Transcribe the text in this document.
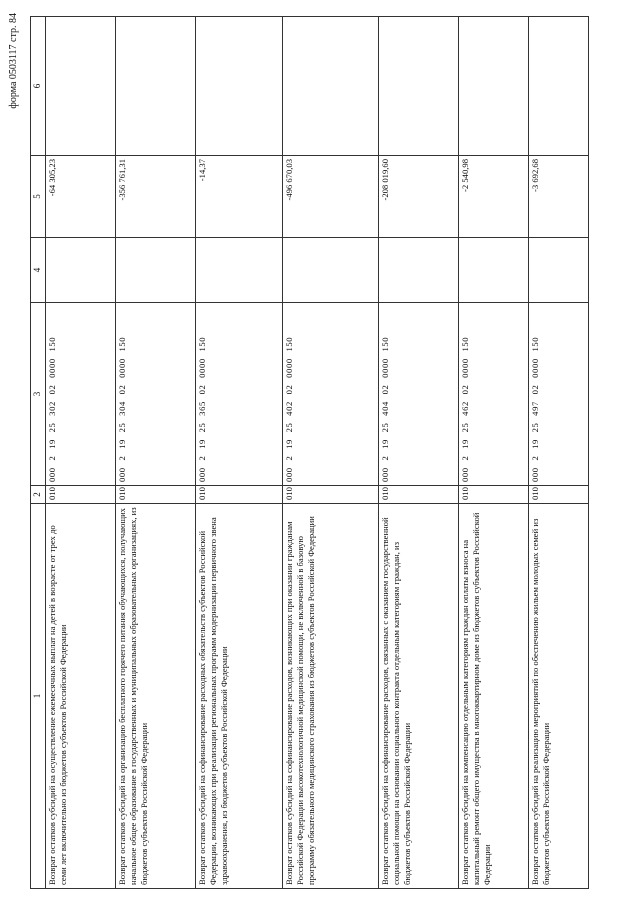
форма 0503117 стр. 84
1	2	3	4	5	6
Возврат остатков субсидий на осуществление ежемесячных выплат на детей в возрасте от трех до семи лет включительно из бюджетов субъектов Российской Федерации	010	000 2 19 25 302 02 0000 150		-64 305,23	
Возврат остатков субсидий на организацию бесплатного горячего питания обучающихся, получающих начальное общее образование в государственных и муниципальных образовательных организациях, из бюджетов субъектов Российской Федерации	010	000 2 19 25 304 02 0000 150		-356 761,31	
Возврат остатков субсидий на софинансирование расходных обязательств субъектов Российской Федерации, возникающих при реализации региональных программ модернизации первичного звена здравоохранения, из бюджетов субъектов Российской Федерации	010	000 2 19 25 365 02 0000 150		-14,37	
Возврат остатков субсидий на софинансирование расходов, возникающих при оказании гражданам Российской Федерации высокотехнологичной медицинской помощи, не включенной в базовую программу обязательного медицинского страхования из бюджетов субъектов Российской Федерации	010	000 2 19 25 402 02 0000 150		-496 670,03	
Возврат остатков субсидий на софинансирование расходов, связанных с оказанием государственной социальной помощи на основании социального контракта отдельным категориям граждан, из бюджетов субъектов Российской Федерации	010	000 2 19 25 404 02 0000 150		-208 019,60	
Возврат остатков субсидий на компенсацию отдельным категориям граждан оплаты взноса на капитальный ремонт общего имущества в многоквартирном доме из бюджетов субъектов Российской Федерации	010	000 2 19 25 462 02 0000 150		-2 540,98	
Возврат остатков субсидий на реализацию мероприятий по обеспечению жильем молодых семей из бюджетов субъектов Российской Федерации	010	000 2 19 25 497 02 0000 150		-3 692,68	
